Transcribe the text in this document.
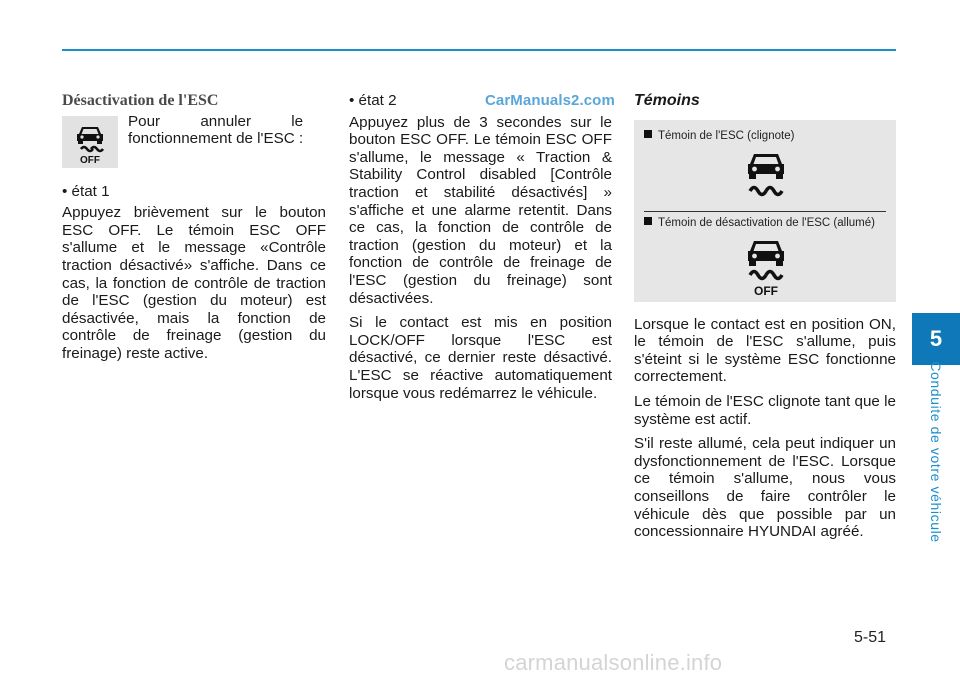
Désactivation de l'ESC
OFF
Pour annuler le
fonctionnement de l'ESC :

• état 1

Appuyez brièvement sur le bouton ESC OFF. Le témoin ESC OFF s'allume et le message «Contrôle traction désactivé» s'affiche. Dans ce cas, la fonction de contrôle de traction de l'ESC (gestion du moteur) est désactivée, mais la fonction de contrôle de freinage (gestion du freinage) reste active.

• état 2

Appuyez plus de 3 secondes sur le bouton ESC OFF. Le témoin ESC OFF s'allume, le message « Traction & Stability Control disabled [Contrôle traction et stabilité désactivés] » s'affiche et une alarme retentit. Dans ce cas, la fonction de contrôle de traction (gestion du moteur) et la fonction de contrôle de freinage de l'ESC (gestion du freinage) sont désactivées.

Si le contact est mis en position LOCK/OFF lorsque l'ESC est désactivé, ce dernier reste désactivé. L'ESC se réactive automatiquement lorsque vous redémarrez le véhicule.

CarManuals2.com Témoins
Témoin de l'ESC (clignote)
Témoin de désactivation de l'ESC (allumé)
OFF

Lorsque le contact est en position ON, le témoin de l'ESC s'allume, puis s'éteint si le système ESC fonctionne correctement.

Le témoin de l'ESC clignote tant que le système est actif.

S'il reste allumé, cela peut indiquer un dysfonctionnement de l'ESC. Lorsque ce témoin s'allume, nous vous conseillons de faire contrôler le véhicule dès que possible par un concessionnaire HYUNDAI agréé.

5
Conduite de votre véhicule
5-51
carmanualsonline.info
